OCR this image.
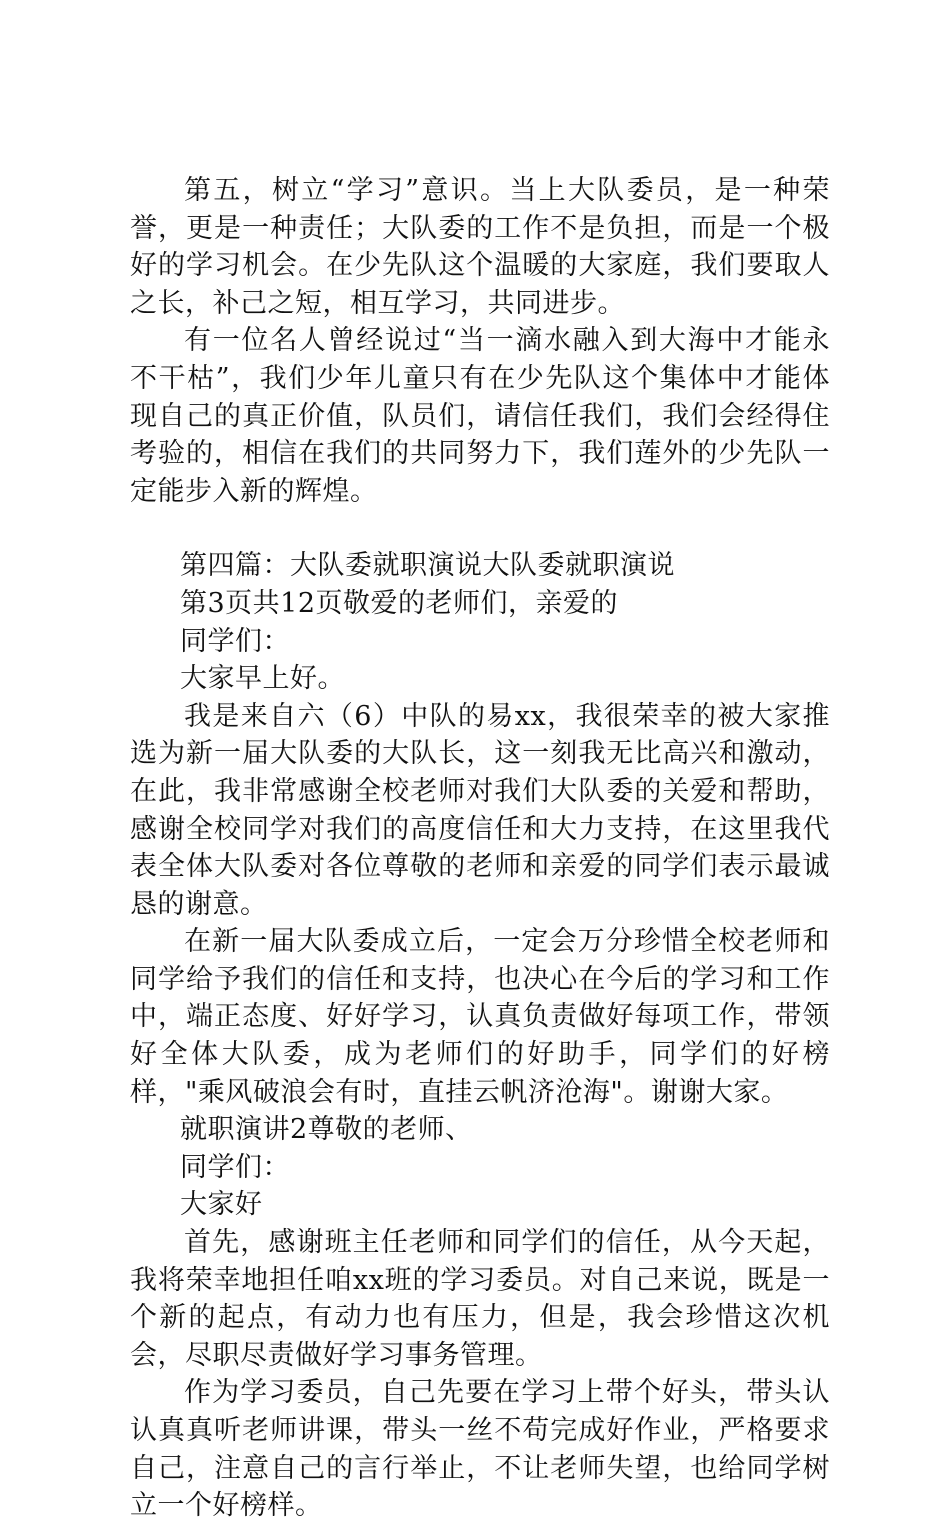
第五，树立“学习”意识。当上大队委员，是一种荣誉，更是一种责任；大队委的工作不是负担，而是一个极好的学习机会。在少先队这个温暖的大家庭，我们要取人之长，补己之短，相互学习，共同进步。

有一位名人曾经说过“当一滴水融入到大海中才能永不干枯”，我们少年儿童只有在少先队这个集体中才能体现自己的真正价值，队员们，请信任我们，我们会经得住考验的，相信在我们的共同努力下，我们莲外的少先队一定能步入新的辉煌。

第四篇：大队委就职演说大队委就职演说

第3页共12页敬爱的老师们，亲爱的

同学们：

大家早上好。

我是来自六（6）中队的易xx，我很荣幸的被大家推选为新一届大队委的大队长，这一刻我无比高兴和激动，在此，我非常感谢全校老师对我们大队委的关爱和帮助，感谢全校同学对我们的高度信任和大力支持，在这里我代表全体大队委对各位尊敬的老师和亲爱的同学们表示最诚恳的谢意。

在新一届大队委成立后，一定会万分珍惜全校老师和同学给予我们的信任和支持，也决心在今后的学习和工作中，端正态度、好好学习，认真负责做好每项工作，带领好全体大队委，成为老师们的好助手，同学们的好榜样，"乘风破浪会有时，直挂云帆济沧海"。谢谢大家。

就职演讲2尊敬的老师、

同学们：

大家好

首先，感谢班主任老师和同学们的信任，从今天起，我将荣幸地担任咱xx班的学习委员。对自己来说，既是一个新的起点，有动力也有压力，但是，我会珍惜这次机会，尽职尽责做好学习事务管理。

作为学习委员，自己先要在学习上带个好头，带头认认真真听老师讲课，带头一丝不苟完成好作业，严格要求自己，注意自己的言行举止，不让老师失望，也给同学树立一个好榜样。
